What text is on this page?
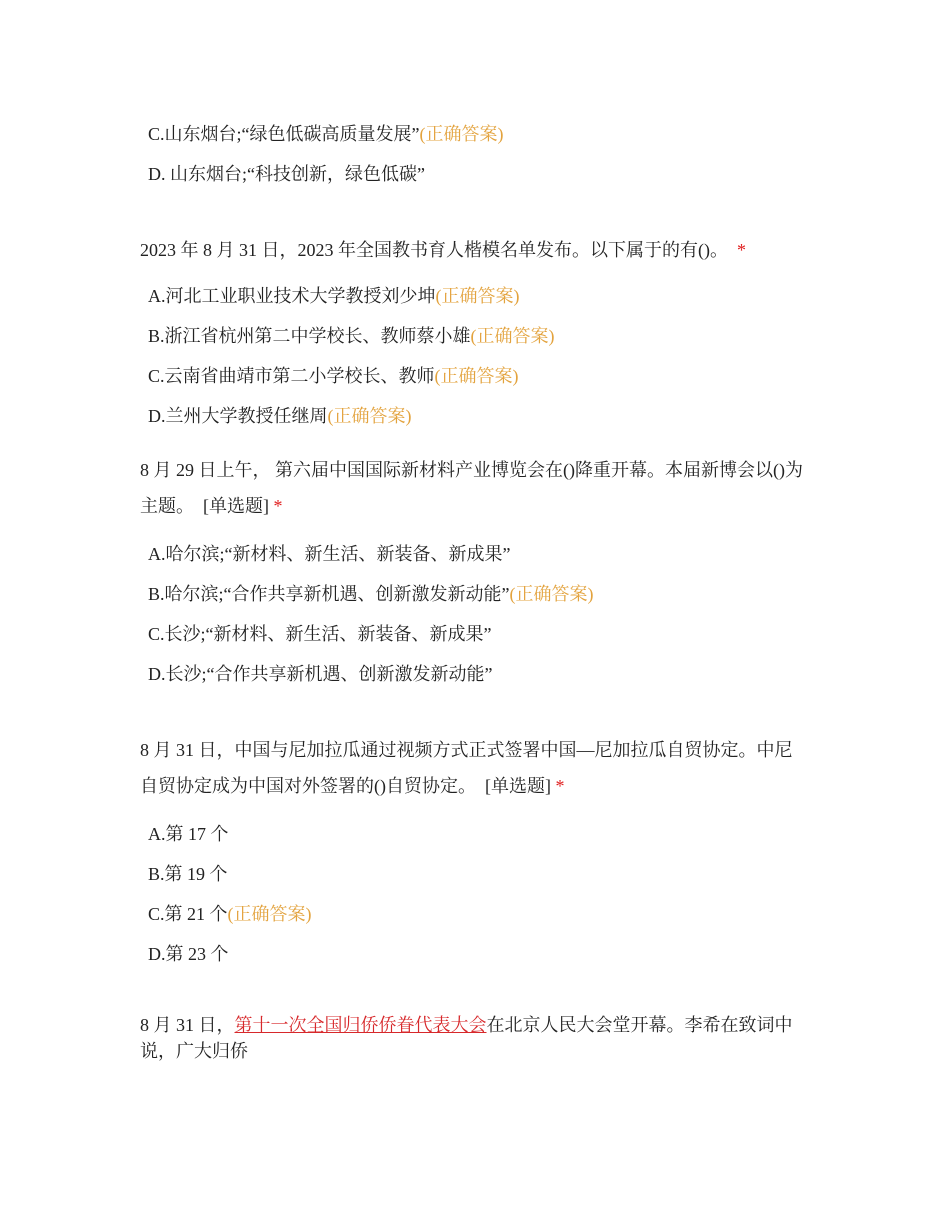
C.山东烟台;“绿色低碳高质量发展”(正确答案)
D. 山东烟台;“科技创新，绿色低碳”
2023 年 8 月 31 日，2023 年全国教书育人楷模名单发布。以下属于的有()。 *
A.河北工业职业技术大学教授刘少坤(正确答案)
B.浙江省杭州第二中学校长、教师蔡小雄(正确答案)
C.云南省曲靖市第二小学校长、教师(正确答案)
D.兰州大学教授任继周(正确答案)
8 月 29 日上午， 第六届中国国际新材料产业博览会在()降重开幕。本届新博会以()为主题。 [单选题] *
A.哈尔滨;“新材料、新生活、新装备、新成果”
B.哈尔滨;“合作共享新机遇、创新激发新动能”(正确答案)
C.长沙;“新材料、新生活、新装备、新成果”
D.长沙;“合作共享新机遇、创新激发新动能”
8 月 31 日，中国与尼加拉瓜通过视频方式正式签署中国—尼加拉瓜自贸协定。中尼自贸协定成为中国对外签署的()自贸协定。 [单选题] *
A.第 17 个
B.第 19 个
C.第 21 个(正确答案)
D.第 23 个
8 月 31 日，第十一次全国归侨侨眷代表大会在北京人民大会堂开幕。李希在致词中说，广大归侨
